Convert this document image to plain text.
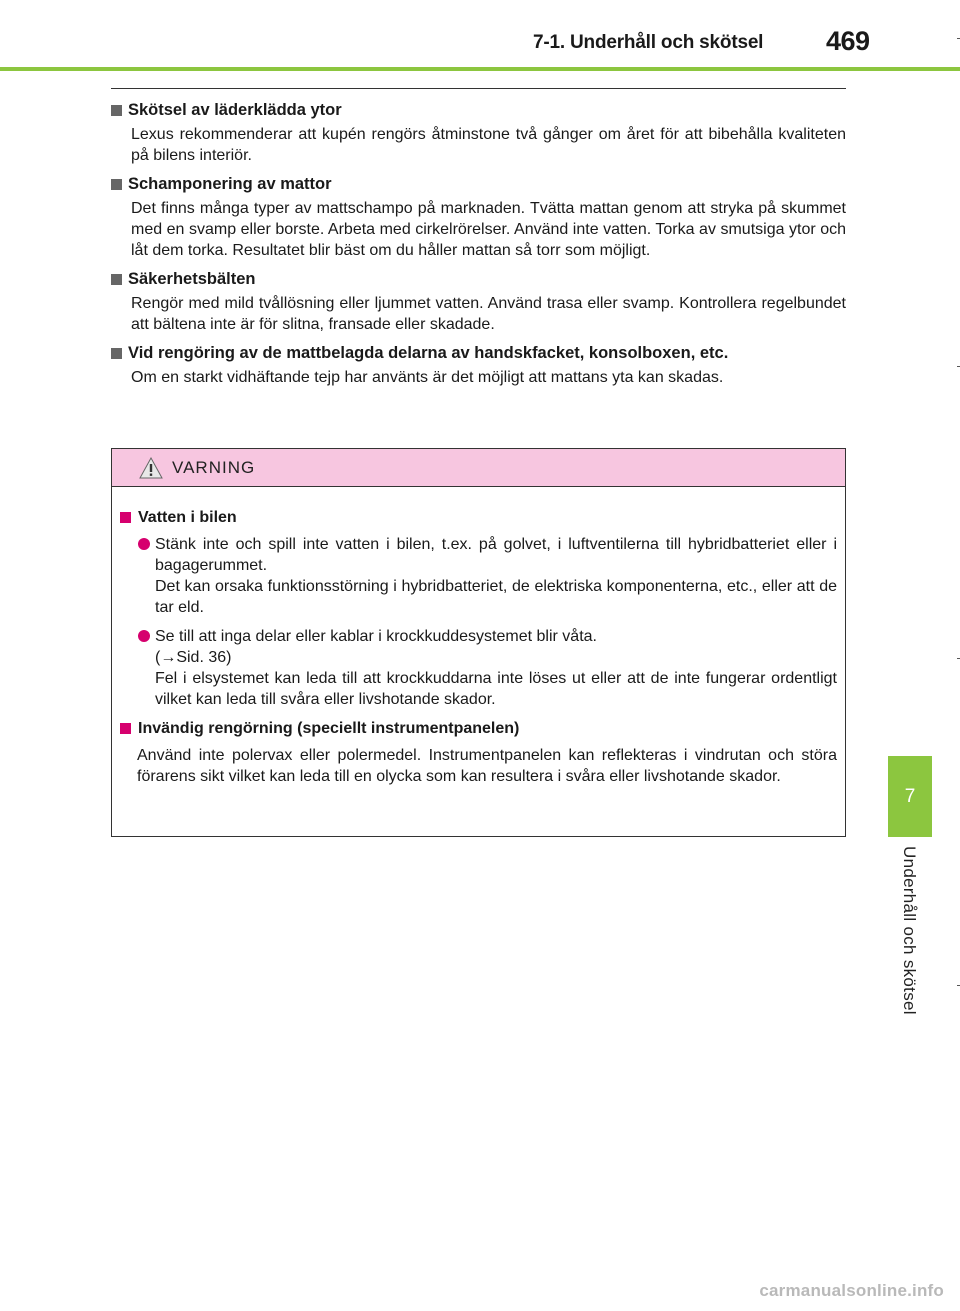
7-1. Underhåll och skötsel 469
Skötsel av läderklädda ytor
Lexus rekommenderar att kupén rengörs åtminstone två gånger om året för att bibehålla kvaliteten på bilens interiör.
Schamponering av mattor
Det finns många typer av mattschampo på marknaden. Tvätta mattan genom att stryka på skummet med en svamp eller borste. Arbeta med cirkelrörelser. Använd inte vatten. Torka av smutsiga ytor och låt dem torka. Resultatet blir bäst om du håller mattan så torr som möjligt.
Säkerhetsbälten
Rengör med mild tvållösning eller ljummet vatten. Använd trasa eller svamp. Kontrollera regelbundet att bältena inte är för slitna, fransade eller skadade.
Vid rengöring av de mattbelagda delarna av handskfacket, konsolboxen, etc.
Om en starkt vidhäftande tejp har använts är det möjligt att mattans yta kan skadas.
VARNING
Vatten i bilen
Stänk inte och spill inte vatten i bilen, t.ex. på golvet, i luftventilerna till hybridbatteriet eller i bagagerummet.
Det kan orsaka funktionsstörning i hybridbatteriet, de elektriska komponenterna, etc., eller att de tar eld.
Se till att inga delar eller kablar i krockkuddesystemet blir våta.
(→Sid. 36)
Fel i elsystemet kan leda till att krockkuddarna inte löses ut eller att de inte fungerar ordentligt vilket kan leda till svåra eller livshotande skador.
Invändig rengörning (speciellt instrumentpanelen)
Använd inte polervax eller polermedel. Instrumentpanelen kan reflekteras i vindrutan och störa förarens sikt vilket kan leda till en olycka som kan resultera i svåra eller livshotande skador.
7
Underhåll och skötsel
carmanualsonline.info
